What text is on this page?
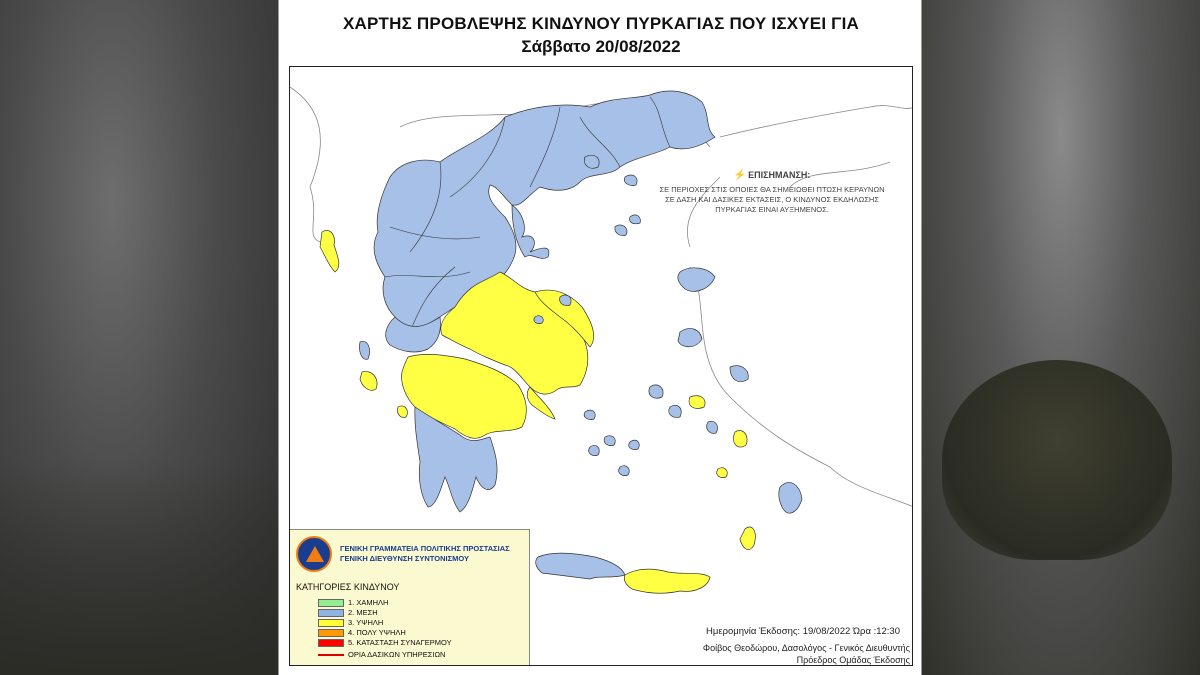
ΧΑΡΤΗΣ ΠΡΟΒΛΕΨΗΣ ΚΙΝΔΥΝΟΥ ΠΥΡΚΑΓΙΑΣ ΠΟΥ ΙΣΧΥΕΙ ΓΙΑ
Σάββατο 20/08/2022
⚡ ΕΠΙΣΗΜΑΝΣΗ:
ΣΕ ΠΕΡΙΟΧΕΣ ΣΤΙΣ ΟΠΟΙΕΣ ΘΑ ΣΗΜΕΙΩΘΕΙ ΠΤΩΣΗ ΚΕΡΑΥΝΩΝ ΣΕ ΔΑΣΗ ΚΑΙ ΔΑΣΙΚΕΣ ΕΚΤΑΣΕΙΣ, Ο ΚΙΝΔΥΝΟΣ ΕΚΔΗΛΩΣΗΣ ΠΥΡΚΑΓΙΑΣ ΕΙΝΑΙ ΑΥΞΗΜΕΝΟΣ.
ΓΕΝΙΚΗ ΓΡΑΜΜΑΤΕΙΑ ΠΟΛΙΤΙΚΗΣ ΠΡΟΣΤΑΣΙΑΣ
ΓΕΝΙΚΗ ΔΙΕΥΘΥΝΣΗ ΣΥΝΤΟΝΙΣΜΟΥ
ΚΑΤΗΓΟΡΙΕΣ ΚΙΝΔΥΝΟΥ
1. ΧΑΜΗΛΗ
2. ΜΕΣΗ
3. ΥΨΗΛΗ
4. ΠΟΛΥ ΥΨΗΛΗ
5. ΚΑΤΑΣΤΑΣΗ ΣΥΝΑΓΕΡΜΟΥ
ΟΡΙΑ ΔΑΣΙΚΩΝ ΥΠΗΡΕΣΙΩΝ
Ημερομηνία Έκδοσης: 19/08/2022 Ώρα :12:30
Φοίβος Θεοδώρου, Δασολόγος - Γενικός Διευθυντής
Πρόεδρος Ομάδας Έκδοσης
